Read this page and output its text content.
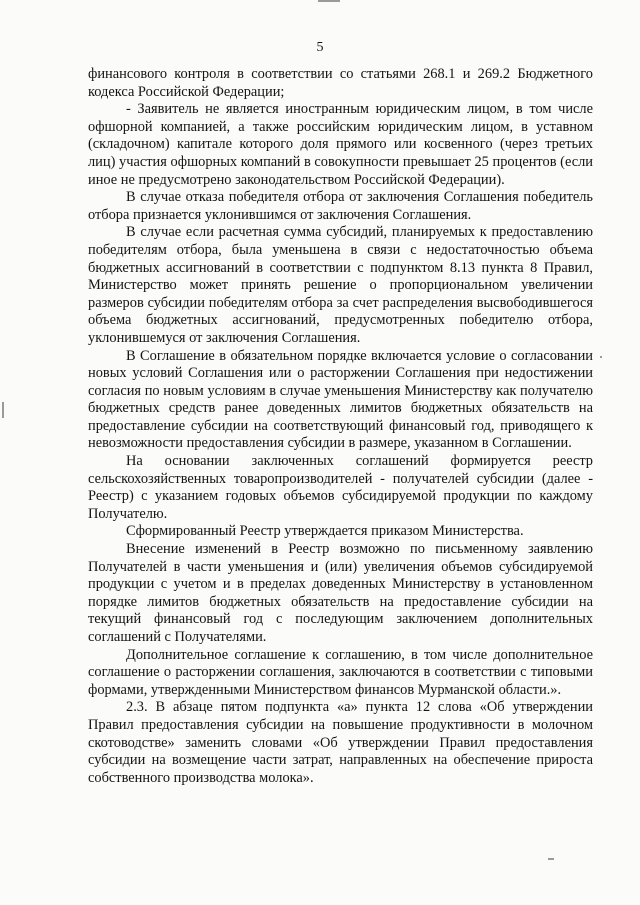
5

финансового контроля в соответствии со статьями 268.1 и 269.2 Бюджетного кодекса Российской Федерации;

- Заявитель не является иностранным юридическим лицом, в том числе офшорной компанией, а также российским юридическим лицом, в уставном (складочном) капитале которого доля прямого или косвенного (через третьих лиц) участия офшорных компаний в совокупности превышает 25 процентов (если иное не предусмотрено законодательством Российской Федерации).

В случае отказа победителя отбора от заключения Соглашения победитель отбора признается уклонившимся от заключения Соглашения.

В случае если расчетная сумма субсидий, планируемых к предоставлению победителям отбора, была уменьшена в связи с недостаточностью объема бюджетных ассигнований в соответствии с подпунктом 8.13 пункта 8 Правил, Министерство может принять решение о пропорциональном увеличении размеров субсидии победителям отбора за счет распределения высвободившегося объема бюджетных ассигнований, предусмотренных победителю отбора, уклонившемуся от заключения Соглашения.

В Соглашение в обязательном порядке включается условие о согласовании новых условий Соглашения или о расторжении Соглашения при недостижении согласия по новым условиям в случае уменьшения Министерству как получателю бюджетных средств ранее доведенных лимитов бюджетных обязательств на предоставление субсидии на соответствующий финансовый год, приводящего к невозможности предоставления субсидии в размере, указанном в Соглашении.

На основании заключенных соглашений формируется реестр сельскохозяйственных товаропроизводителей - получателей субсидии (далее - Реестр) с указанием годовых объемов субсидируемой продукции по каждому Получателю.

Сформированный Реестр утверждается приказом Министерства.

Внесение изменений в Реестр возможно по письменному заявлению Получателей в части уменьшения и (или) увеличения объемов субсидируемой продукции с учетом и в пределах доведенных Министерству в установленном порядке лимитов бюджетных обязательств на предоставление субсидии на текущий финансовый год с последующим заключением дополнительных соглашений с Получателями.

Дополнительное соглашение к соглашению, в том числе дополнительное соглашение о расторжении соглашения, заключаются в соответствии с типовыми формами, утвержденными Министерством финансов Мурманской области.».

2.3. В абзаце пятом подпункта «а» пункта 12 слова «Об утверждении Правил предоставления субсидии на повышение продуктивности в молочном скотоводстве» заменить словами «Об утверждении Правил предоставления субсидии на возмещение части затрат, направленных на обеспечение прироста собственного производства молока».
